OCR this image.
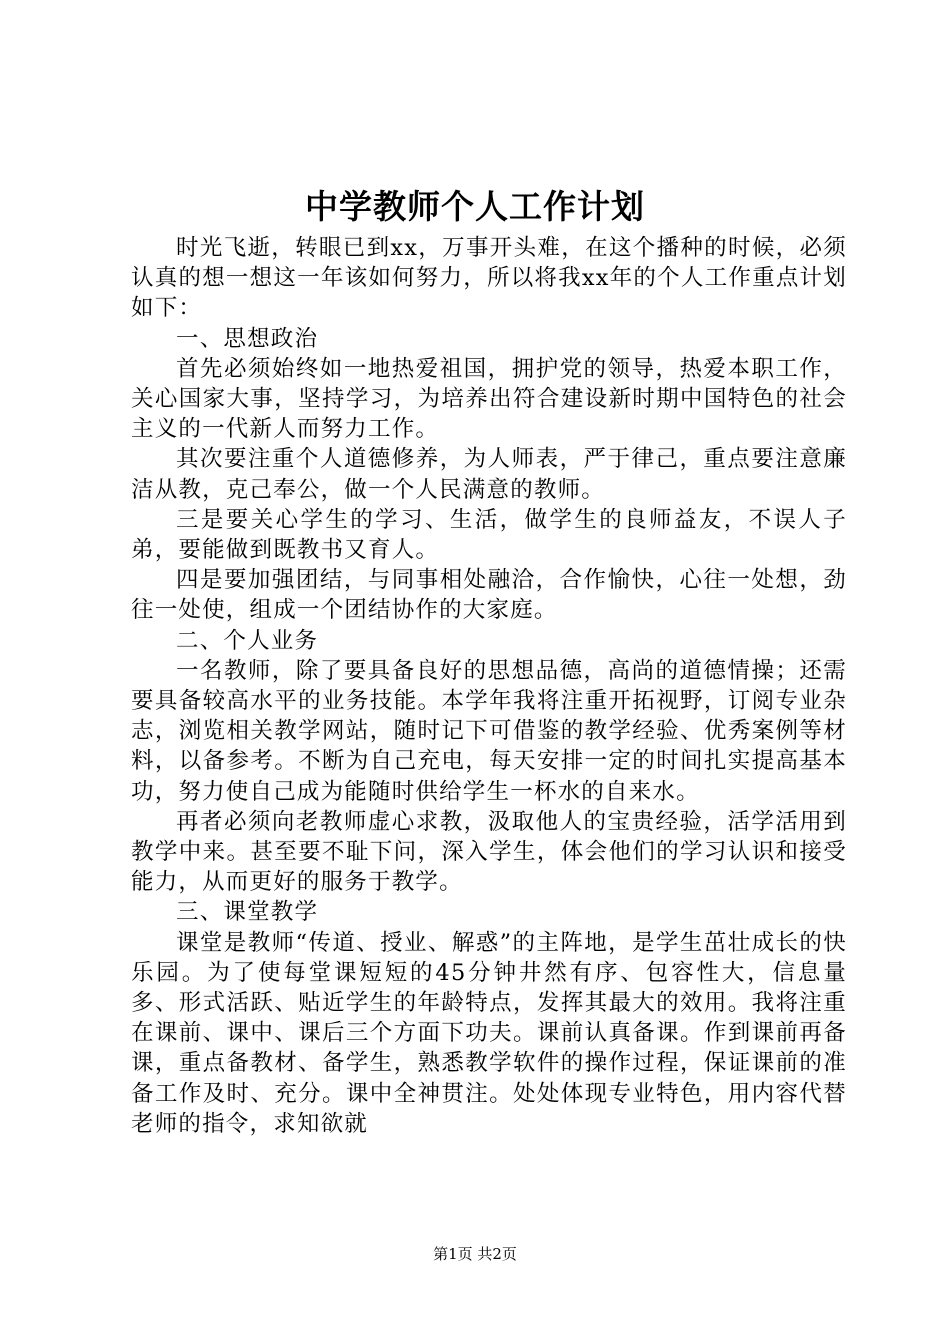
中学教师个人工作计划

时光飞逝，转眼已到xx，万事开头难，在这个播种的时候，必须认真的想一想这一年该如何努力，所以将我xx年的个人工作重点计划如下：

一、思想政治

首先必须始终如一地热爱祖国，拥护党的领导，热爱本职工作，关心国家大事，坚持学习，为培养出符合建设新时期中国特色的社会主义的一代新人而努力工作。

其次要注重个人道德修养，为人师表，严于律己，重点要注意廉洁从教，克己奉公，做一个人民满意的教师。

三是要关心学生的学习、生活，做学生的良师益友，不误人子弟，要能做到既教书又育人。

四是要加强团结，与同事相处融洽，合作愉快，心往一处想，劲往一处使，组成一个团结协作的大家庭。

二、个人业务

一名教师，除了要具备良好的思想品德，高尚的道德情操；还需要具备较高水平的业务技能。本学年我将注重开拓视野，订阅专业杂志，浏览相关教学网站，随时记下可借鉴的教学经验、优秀案例等材料，以备参考。不断为自己充电，每天安排一定的时间扎实提高基本功，努力使自己成为能随时供给学生一杯水的自来水。

再者必须向老教师虚心求教，汲取他人的宝贵经验，活学活用到教学中来。甚至要不耻下问，深入学生，体会他们的学习认识和接受能力，从而更好的服务于教学。

三、课堂教学

课堂是教师“传道、授业、解惑”的主阵地，是学生茁壮成长的快乐园。为了使每堂课短短的45分钟井然有序、包容性大，信息量多、形式活跃、贴近学生的年龄特点，发挥其最大的效用。我将注重在课前、课中、课后三个方面下功夫。课前认真备课。作到课前再备课，重点备教材、备学生，熟悉教学软件的操作过程，保证课前的准备工作及时、充分。课中全神贯注。处处体现专业特色，用内容代替老师的指令，求知欲就

第1页 共2页
